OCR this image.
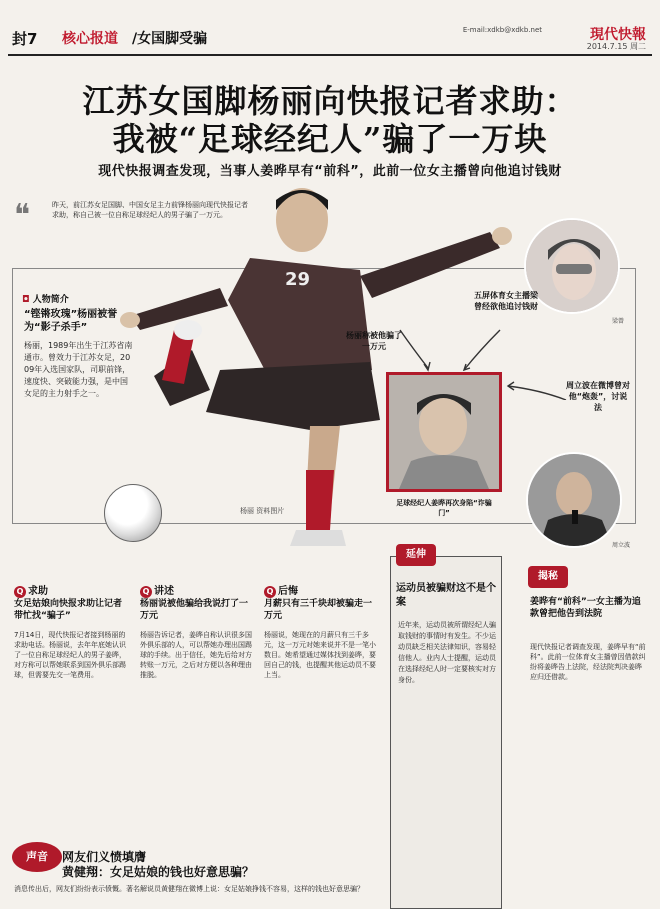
封7 核心报道 /女国脚受骗
E-mail:xdkb@xdkb.net	現代快報
2014.7.15 周二
江苏女国脚杨丽向快报记者求助：
我被“足球经纪人”骗了一万块
现代快报调查发现，当事人姜晔早有“前科”，此前一位女主播曾向他追讨钱财
❝	昨天，前江苏女足国脚、中国女足主力前锋杨丽向现代快报记者求助，称自己被一位自称足球经纪人的男子骗了一万元。
◘ 人物简介
“铿锵玫瑰”杨丽被誉为“影子杀手”
杨丽，1989年出生于江苏省南通市。曾效力于江苏女足，2009年入选国家队，司职前锋，速度快、突破能力强，是中国女足的主力射手之一。
29
杨丽 资料图片
梁曾
周立波
足球经纪人姜晔再次身陷“诈骗门”
杨丽称被他骗了一万元
五屏体育女主播梁曾经欲他追讨钱财
周立波在微博曾对他“炮轰”，讨说法
Q 求助
女足姑娘向快报求助让记者带忙找“骗子”
7月14日，现代快报记者接到杨丽的求助电话。杨丽说，去年年底她认识了一位自称足球经纪人的男子姜晔，对方称可以帮她联系到国外俱乐部踢球，但需要先交一笔费用。
Q 讲述
杨丽说被他骗给我说打了一万元
杨丽告诉记者，姜晔自称认识很多国外俱乐部的人，可以帮她办理出国踢球的手续。出于信任，她先后给对方转账一万元，之后对方便以各种理由推脱。
Q 后悔
月薪只有三千块却被骗走一万元
杨丽说，她现在的月薪只有三千多元，这一万元对她来说并不是一笔小数目。她希望通过媒体找到姜晔，要回自己的钱，也提醒其他运动员不要上当。
延伸
运动员被骗财这不是个案
近年来，运动员被所谓经纪人骗取钱财的事情时有发生。不少运动员缺乏相关法律知识，容易轻信他人。业内人士提醒，运动员在选择经纪人时一定要核实对方身份。
揭秘
姜晔有“前科”一女主播为追款曾把他告到法院
现代快报记者调查发现，姜晔早有“前科”。此前一位体育女主播曾因借款纠纷将姜晔告上法院，经法院判决姜晔应归还借款。
声音	网友们义愤填膺
黄健翔：女足姑娘的钱也好意思骗？
消息传出后，网友们纷纷表示愤慨。著名解说员黄健翔在微博上说：女足姑娘挣钱不容易，这样的钱也好意思骗？
